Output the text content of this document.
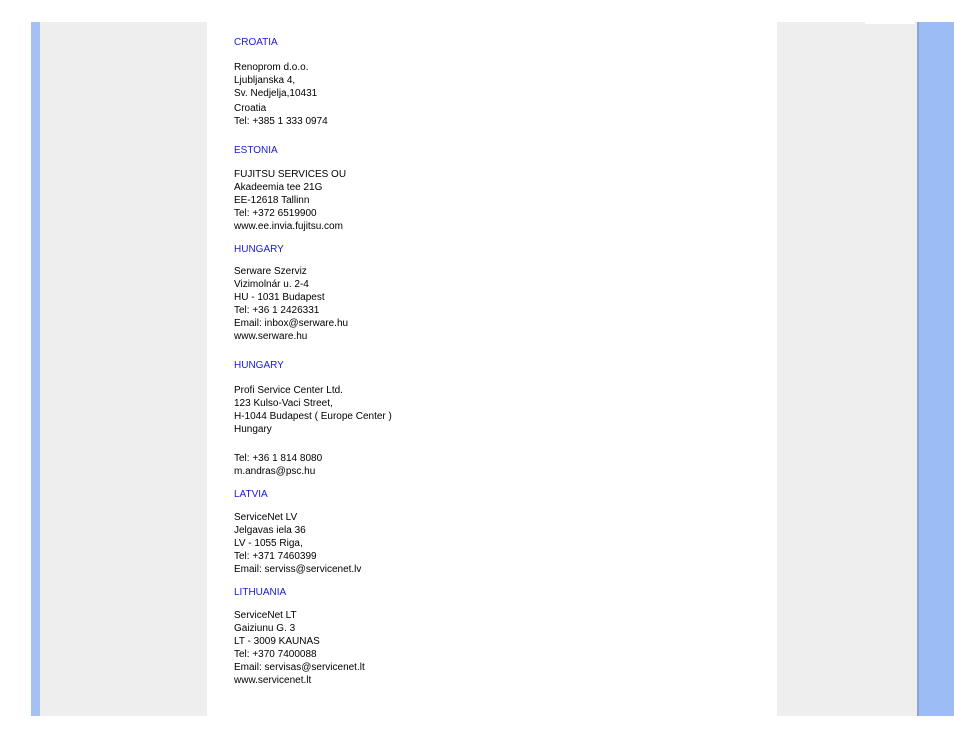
CROATIA
Renoprom d.o.o.
Ljubljanska 4,
Sv. Nedjelja,10431
Croatia
Tel: +385 1 333 0974
ESTONIA
FUJITSU SERVICES OU
Akadeemia tee 21G
EE-12618 Tallinn
Tel: +372 6519900
www.ee.invia.fujitsu.com
HUNGARY
Serware Szerviz
Vizimolnár u. 2-4
HU - 1031 Budapest
Tel: +36 1 2426331
Email: inbox@serware.hu
www.serware.hu
HUNGARY
Profi Service Center Ltd.
123 Kulso-Vaci Street,
H-1044 Budapest ( Europe Center )
Hungary
Tel: +36 1 814 8080
m.andras@psc.hu
LATVIA
ServiceNet LV
Jelgavas iela 36
LV - 1055 Riga,
Tel: +371 7460399
Email: serviss@servicenet.lv
LITHUANIA
ServiceNet LT
Gaiziunu G. 3
LT - 3009 KAUNAS
Tel: +370 7400088
Email: servisas@servicenet.lt
www.servicenet.lt
